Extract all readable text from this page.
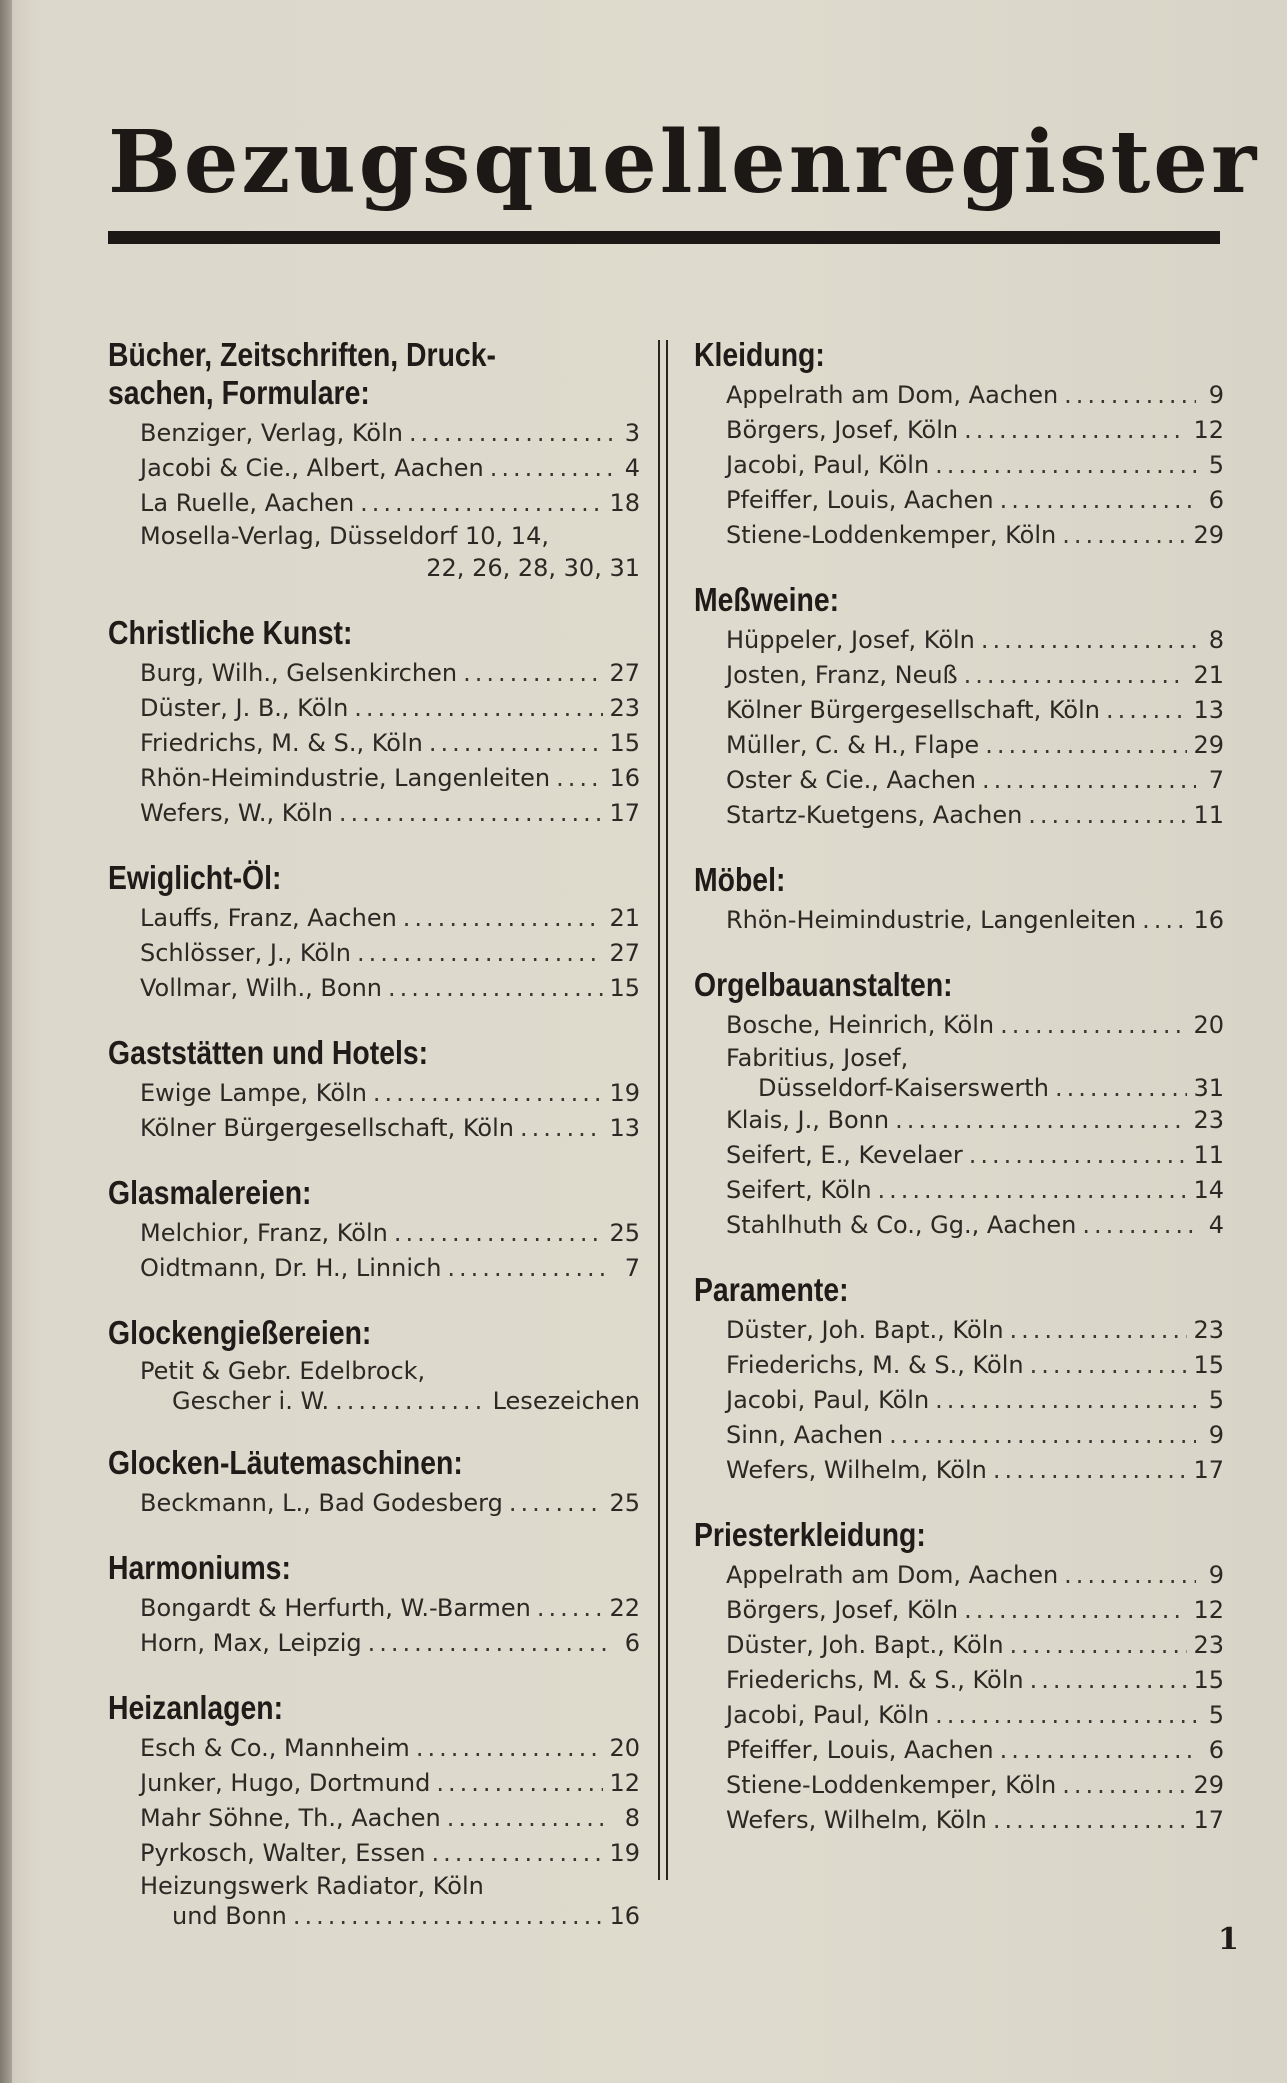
Bezugsquellenregister
Bücher, Zeitschriften, Druck-
sachen, Formulare:
Benziger, Verlag, Köln .....	3
Jacobi & Cie., Albert, Aachen .....	4
La Ruelle, Aachen .....	18
Mosella-Verlag, Düsseldorf 10, 14,
22, 26, 28, 30, 31
Christliche Kunst:
Burg, Wilh., Gelsenkirchen .....	27
Düster, J. B., Köln .....	23
Friedrichs, M. & S., Köln .....	15
Rhön-Heimindustrie, Langenleiten ..... 16
Wefers, W., Köln .....	17
Ewiglicht-Öl:
Lauffs, Franz, Aachen .....	21
Schlösser, J., Köln .....	27
Vollmar, Wilh., Bonn .....	15
Gaststätten und Hotels:
Ewige Lampe, Köln .....	19
Kölner Bürgergesellschaft, Köln .....	13
Glasmalereien:
Melchior, Franz, Köln .....	25
Oidtmann, Dr. H., Linnich .....	7
Glockengießereien:
Petit & Gebr. Edelbrock,
Gescher i. W. .....	Lesezeichen
Glocken-Läutemaschinen:
Beckmann, L., Bad Godesberg .....	25
Harmoniums:
Bongardt & Herfurth, W.-Barmen .....	22
Horn, Max, Leipzig .....	6
Heizanlagen:
Esch & Co., Mannheim .....	20
Junker, Hugo, Dortmund .....	12
Mahr Söhne, Th., Aachen .....	8
Pyrkosch, Walter, Essen .....	19
Heizungswerk Radiator, Köln
und Bonn .....	16
Kleidung:
Appelrath am Dom, Aachen .....	9
Börgers, Josef, Köln .....	12
Jacobi, Paul, Köln .....	5
Pfeiffer, Louis, Aachen .....	6
Stiene-Loddenkemper, Köln .....	29
Meßweine:
Hüppeler, Josef, Köln .....	8
Josten, Franz, Neuß .....	21
Kölner Bürgergesellschaft, Köln .....	13
Müller, C. & H., Flape .....	29
Oster & Cie., Aachen .....	7
Startz-Kuetgens, Aachen .....	11
Möbel:
Rhön-Heimindustrie, Langenleiten ..... 16
Orgelbauanstalten:
Bosche, Heinrich, Köln .....	20
Fabritius, Josef,
Düsseldorf-Kaiserswerth .....	31
Klais, J., Bonn .....	23
Seifert, E., Kevelaer .....	11
Seifert, Köln .....	14
Stahlhuth & Co., Gg., Aachen .....	4
Paramente:
Düster, Joh. Bapt., Köln .....	23
Friederichs, M. & S., Köln .....	15
Jacobi, Paul, Köln .....	5
Sinn, Aachen .....	9
Wefers, Wilhelm, Köln .....	17
Priesterkleidung:
Appelrath am Dom, Aachen .....	9
Börgers, Josef, Köln .....	12
Düster, Joh. Bapt., Köln .....	23
Friederichs, M. & S., Köln .....	15
Jacobi, Paul, Köln .....	5
Pfeiffer, Louis, Aachen .....	6
Stiene-Loddenkemper, Köln .....	29
Wefers, Wilhelm, Köln .....	17
1
